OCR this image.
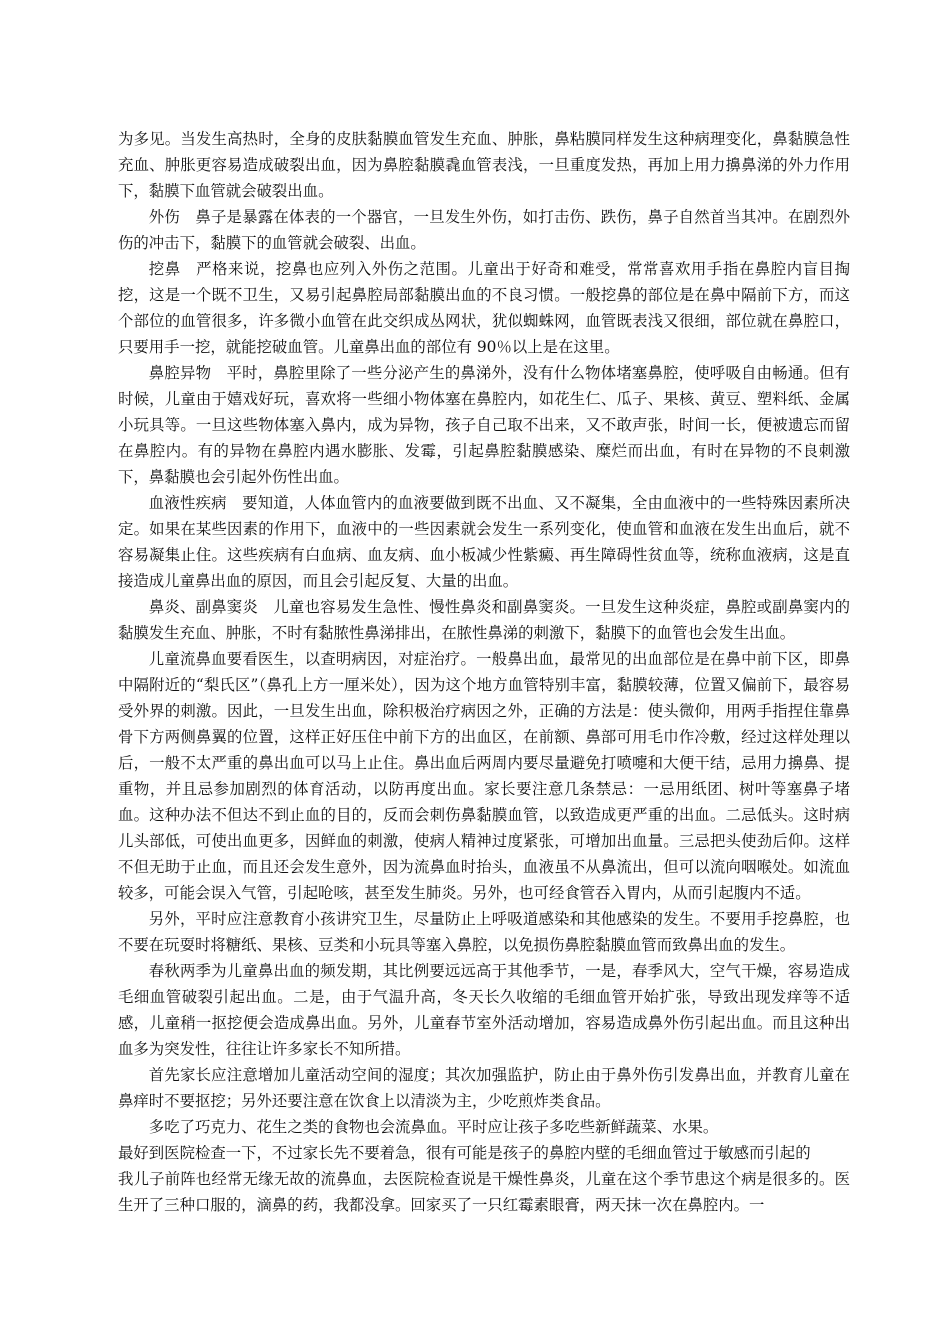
为多见。当发生高热时，全身的皮肤黏膜血管发生充血、肿胀，鼻粘膜同样发生这种病理变化，鼻黏膜急性充血、肿胀更容易造成破裂出血，因为鼻腔黏膜毳血管表浅，一旦重度发热，再加上用力擤鼻涕的外力作用下，黏膜下血管就会破裂出血。

外伤 鼻子是暴露在体表的一个器官，一旦发生外伤，如打击伤、跌伤，鼻子自然首当其冲。在剧烈外伤的冲击下，黏膜下的血管就会破裂、出血。

挖鼻 严格来说，挖鼻也应列入外伤之范围。儿童出于好奇和难受，常常喜欢用手指在鼻腔内盲目掏挖，这是一个既不卫生，又易引起鼻腔局部黏膜出血的不良习惯。一般挖鼻的部位是在鼻中隔前下方，而这个部位的血管很多，许多微小血管在此交织成丛网状，犹似蜘蛛网，血管既表浅又很细，部位就在鼻腔口，只要用手一挖，就能挖破血管。儿童鼻出血的部位有 90％以上是在这里。

鼻腔异物 平时，鼻腔里除了一些分泌产生的鼻涕外，没有什么物体堵塞鼻腔，使呼吸自由畅通。但有时候，儿童由于嬉戏好玩，喜欢将一些细小物体塞在鼻腔内，如花生仁、瓜子、果核、黄豆、塑料纸、金属小玩具等。一旦这些物体塞入鼻内，成为异物，孩子自己取不出来，又不敢声张，时间一长，便被遗忘而留在鼻腔内。有的异物在鼻腔内遇水膨胀、发霉，引起鼻腔黏膜感染、糜烂而出血，有时在异物的不良刺激下，鼻黏膜也会引起外伤性出血。

血液性疾病 要知道，人体血管内的血液要做到既不出血、又不凝集，全由血液中的一些特殊因素所决定。如果在某些因素的作用下，血液中的一些因素就会发生一系列变化，使血管和血液在发生出血后，就不容易凝集止住。这些疾病有白血病、血友病、血小板减少性紫癜、再生障碍性贫血等，统称血液病，这是直接造成儿童鼻出血的原因，而且会引起反复、大量的出血。

鼻炎、副鼻窦炎 儿童也容易发生急性、慢性鼻炎和副鼻窦炎。一旦发生这种炎症，鼻腔或副鼻窦内的黏膜发生充血、肿胀，不时有黏脓性鼻涕排出，在脓性鼻涕的刺激下，黏膜下的血管也会发生出血。

儿童流鼻血要看医生，以查明病因，对症治疗。一般鼻出血，最常见的出血部位是在鼻中前下区，即鼻中隔附近的“梨氏区”（鼻孔上方一厘米处），因为这个地方血管特别丰富，黏膜较薄，位置又偏前下，最容易受外界的刺激。因此，一旦发生出血，除积极治疗病因之外，正确的方法是：使头微仰，用两手指捏住靠鼻骨下方两侧鼻翼的位置，这样正好压住中前下方的出血区，在前额、鼻部可用毛巾作冷敷，经过这样处理以后，一般不太严重的鼻出血可以马上止住。鼻出血后两周内要尽量避免打喷嚏和大便干结，忌用力擤鼻、提重物，并且忌参加剧烈的体育活动，以防再度出血。家长要注意几条禁忌：一忌用纸团、树叶等塞鼻子堵血。这种办法不但达不到止血的目的，反而会刺伤鼻黏膜血管，以致造成更严重的出血。二忌低头。这时病儿头部低，可使出血更多，因鲜血的刺激，使病人精神过度紧张，可增加出血量。三忌把头使劲后仰。这样不但无助于止血，而且还会发生意外，因为流鼻血时抬头，血液虽不从鼻流出，但可以流向咽喉处。如流血较多，可能会误入气管，引起呛咳，甚至发生肺炎。另外，也可经食管吞入胃内，从而引起腹内不适。

另外，平时应注意教育小孩讲究卫生，尽量防止上呼吸道感染和其他感染的发生。不要用手挖鼻腔，也不要在玩耍时将糖纸、果核、豆类和小玩具等塞入鼻腔，以免损伤鼻腔黏膜血管而致鼻出血的发生。

春秋两季为儿童鼻出血的频发期，其比例要远远高于其他季节，一是，春季风大，空气干燥，容易造成毛细血管破裂引起出血。二是，由于气温升高，冬天长久收缩的毛细血管开始扩张，导致出现发痒等不适感，儿童稍一抠挖便会造成鼻出血。另外，儿童春节室外活动增加，容易造成鼻外伤引起出血。而且这种出血多为突发性，往往让许多家长不知所措。

首先家长应注意增加儿童活动空间的湿度；其次加强监护，防止由于鼻外伤引发鼻出血，并教育儿童在鼻痒时不要抠挖；另外还要注意在饮食上以清淡为主，少吃煎炸类食品。

多吃了巧克力、花生之类的食物也会流鼻血。平时应让孩子多吃些新鲜蔬菜、水果。

最好到医院检查一下，不过家长先不要着急，很有可能是孩子的鼻腔内壁的毛细血管过于敏感而引起的

我儿子前阵也经常无缘无故的流鼻血，去医院检查说是干燥性鼻炎，儿童在这个季节患这个病是很多的。医生开了三种口服的，滴鼻的药，我都没拿。回家买了一只红霉素眼膏，两天抹一次在鼻腔内。一
